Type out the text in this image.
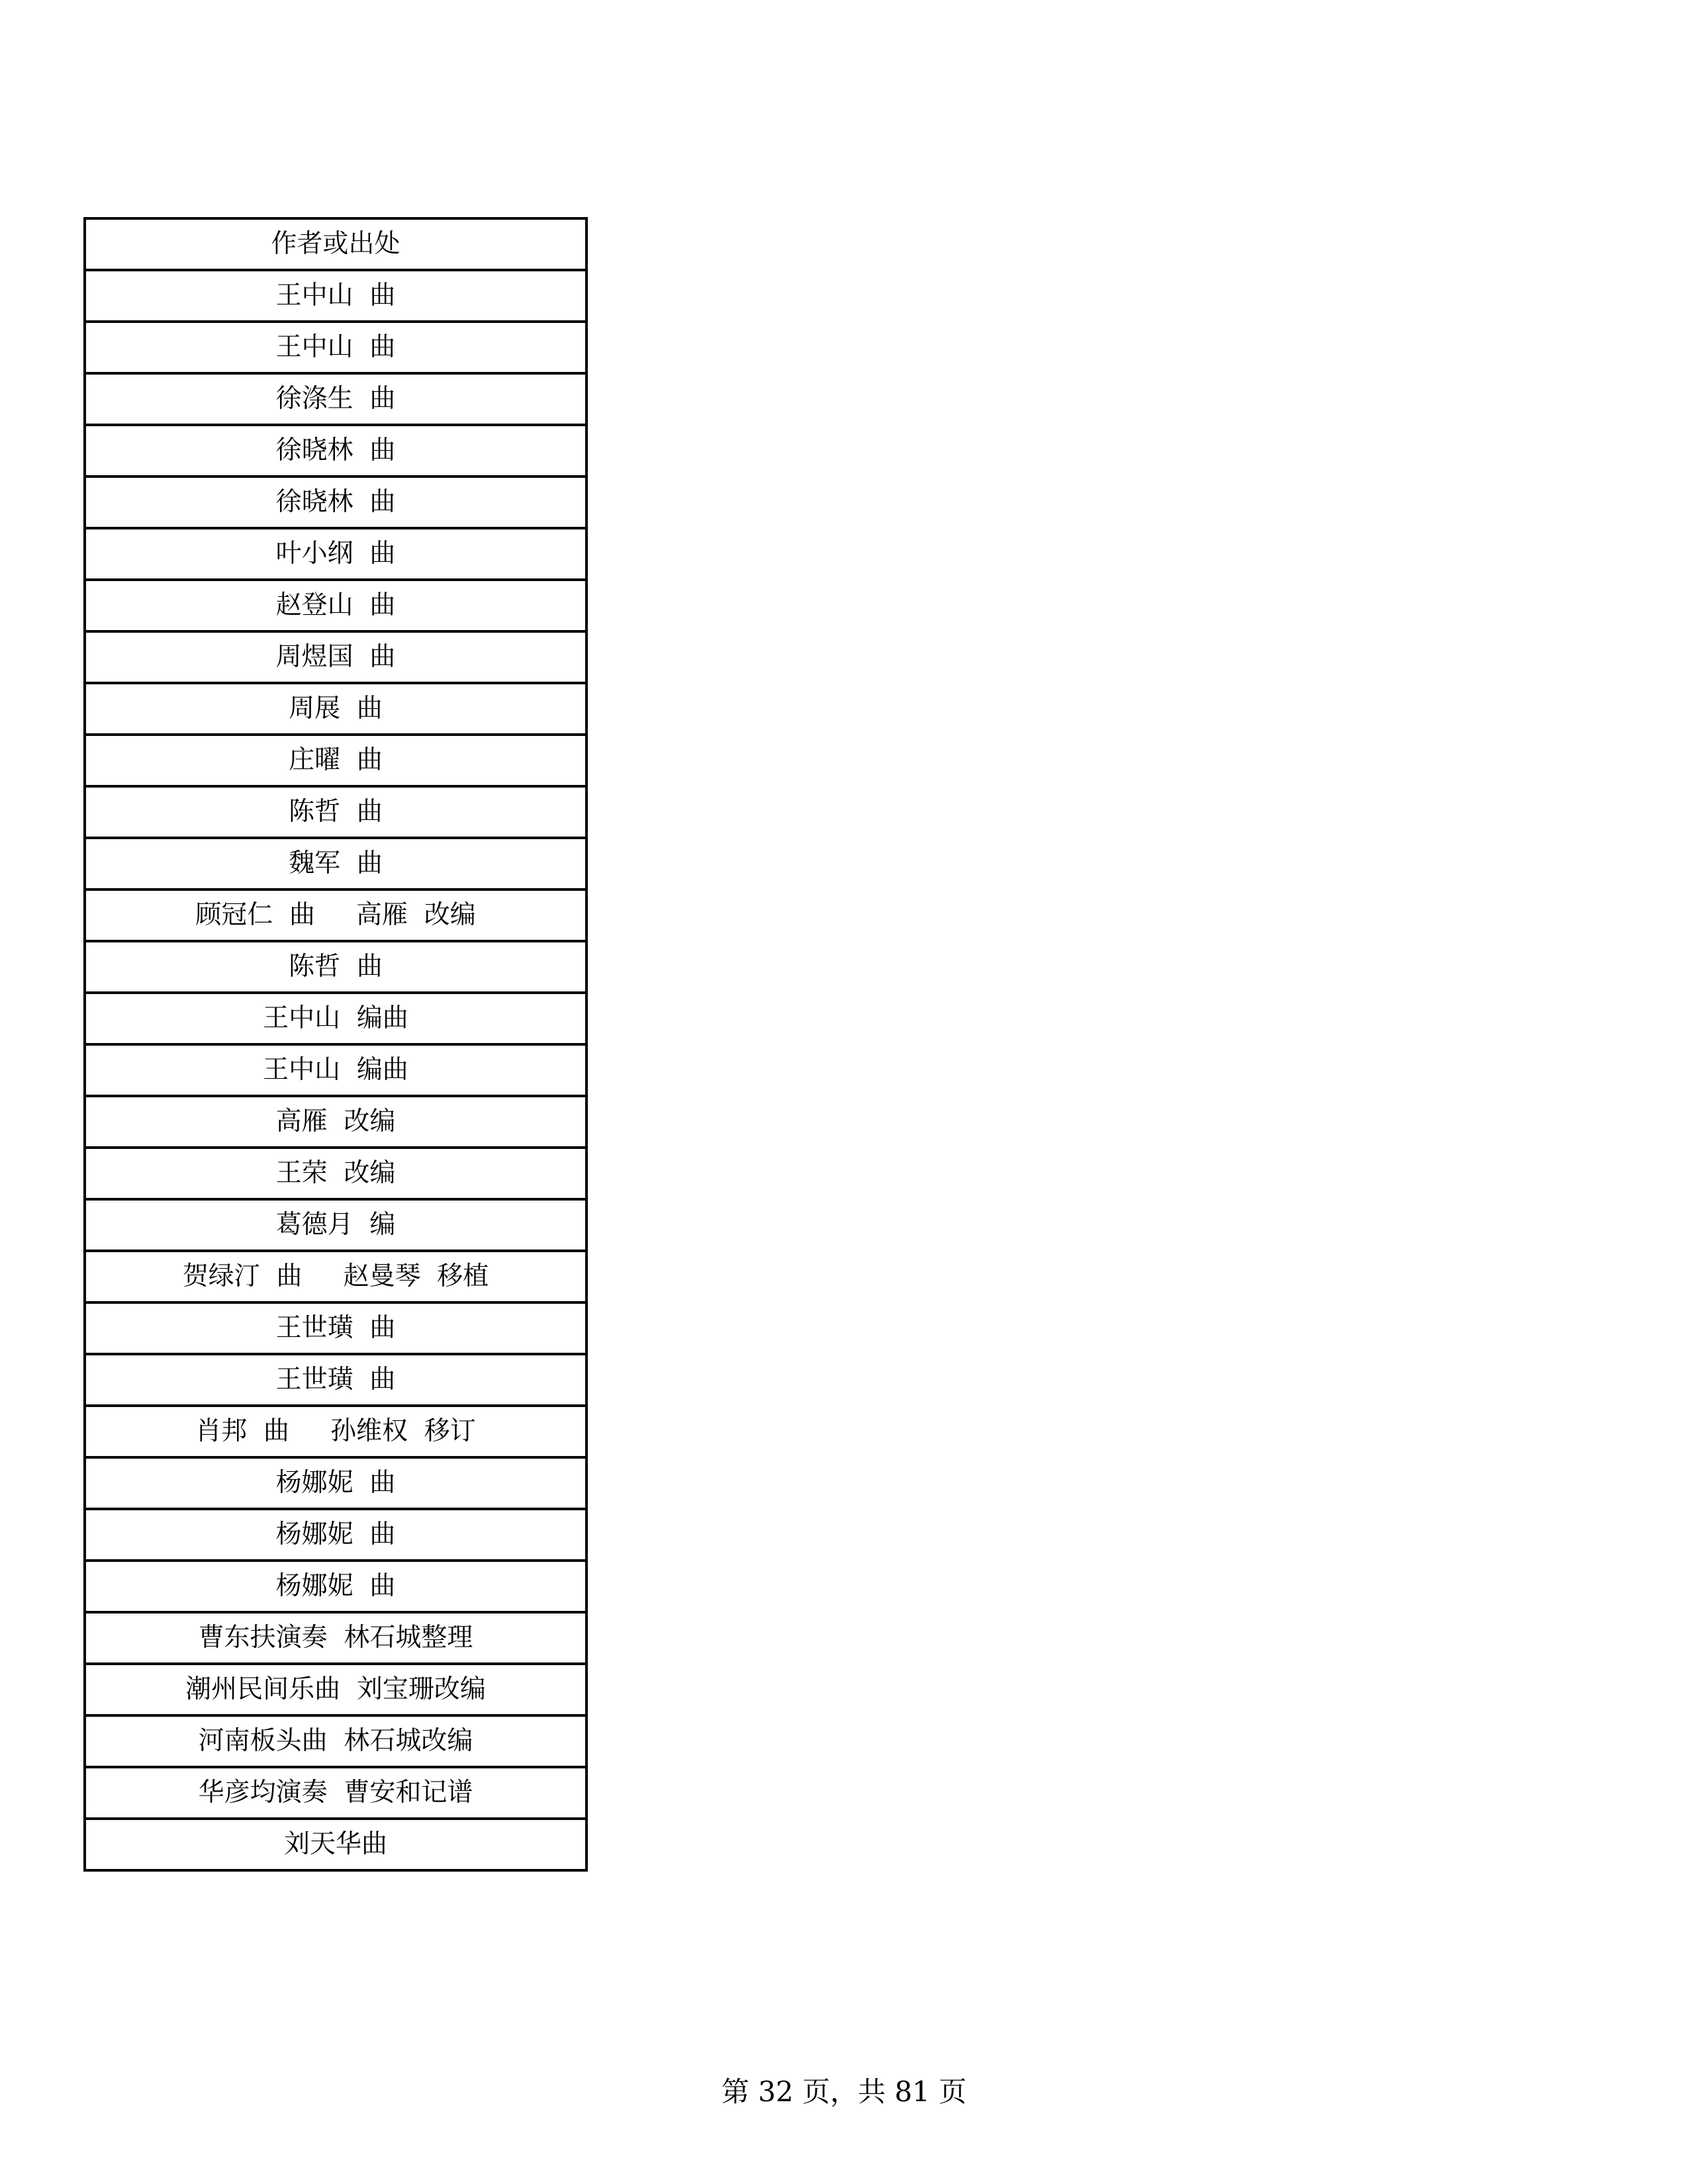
作者或出处
王中山  曲
王中山  曲
徐涤生  曲
徐晓林  曲
徐晓林  曲
叶小纲  曲
赵登山  曲
周煜国  曲
周展  曲
庄曜  曲
陈哲  曲
魏军  曲
顾冠仁  曲     高雁  改编
陈哲  曲
王中山  编曲
王中山  编曲
高雁  改编
王荣  改编
葛德月  编
贺绿汀  曲     赵曼琴  移植
王世璜  曲
王世璜  曲
肖邦  曲     孙维权  移订
杨娜妮  曲
杨娜妮  曲
杨娜妮  曲
曹东扶演奏  林石城整理
潮州民间乐曲  刘宝珊改编
河南板头曲  林石城改编
华彦均演奏  曹安和记谱
刘天华曲
第 32 页，共 81 页
